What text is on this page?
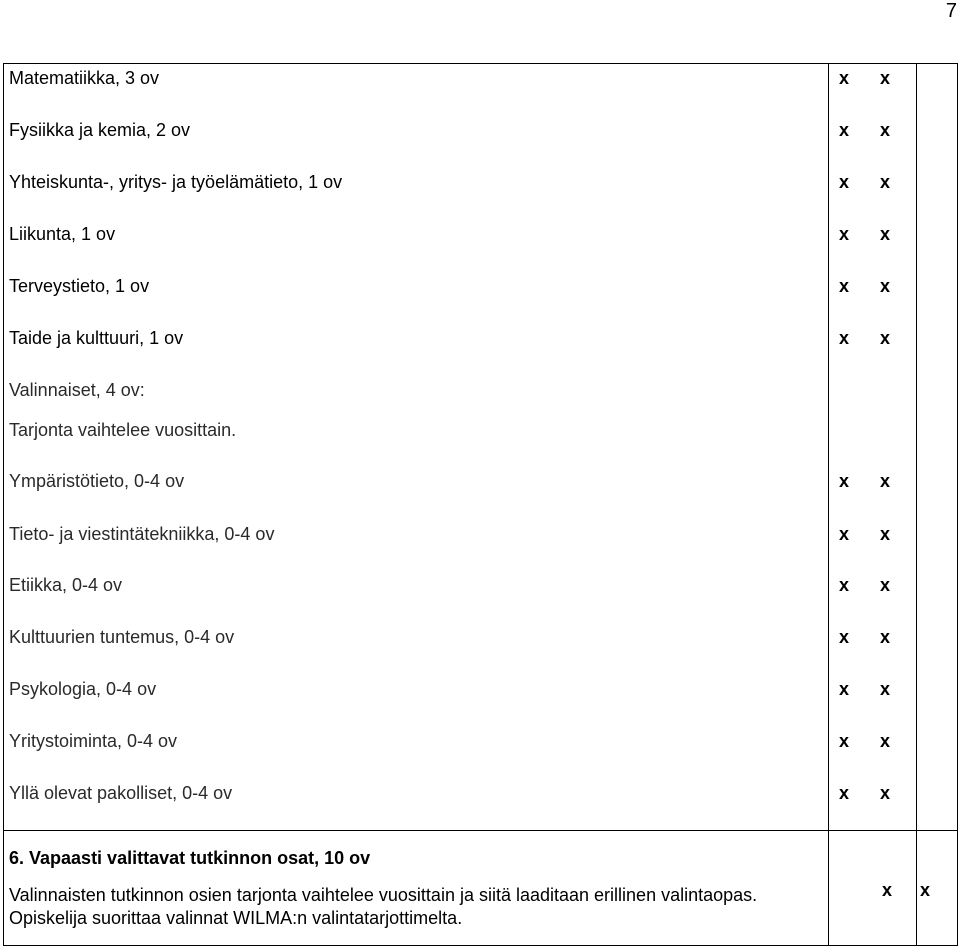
7
Matematiikka, 3 ov	x x
Fysiikka ja kemia, 2 ov	x x
Yhteiskunta-, yritys- ja työelämätieto, 1 ov	x x
Liikunta, 1 ov	x x
Terveystieto, 1 ov	x x
Taide ja kulttuuri, 1 ov	x x
Valinnaiset, 4 ov:
Tarjonta vaihtelee vuosittain.
Ympäristötieto, 0-4 ov	x x
Tieto- ja viestintätekniikka, 0-4 ov	x x
Etiikka, 0-4 ov	x x
Kulttuurien tuntemus, 0-4 ov	x x
Psykologia, 0-4 ov	x x
Yritystoiminta, 0-4 ov	x x
Yllä olevat pakolliset, 0-4 ov	x x
6. Vapaasti valittavat tutkinnon osat, 10 ov
Valinnaisten tutkinnon osien tarjonta vaihtelee vuosittain ja siitä laaditaan erillinen valintaopas. Opiskelija suorittaa valinnat WILMA:n valintatarjottimelta.
x x
